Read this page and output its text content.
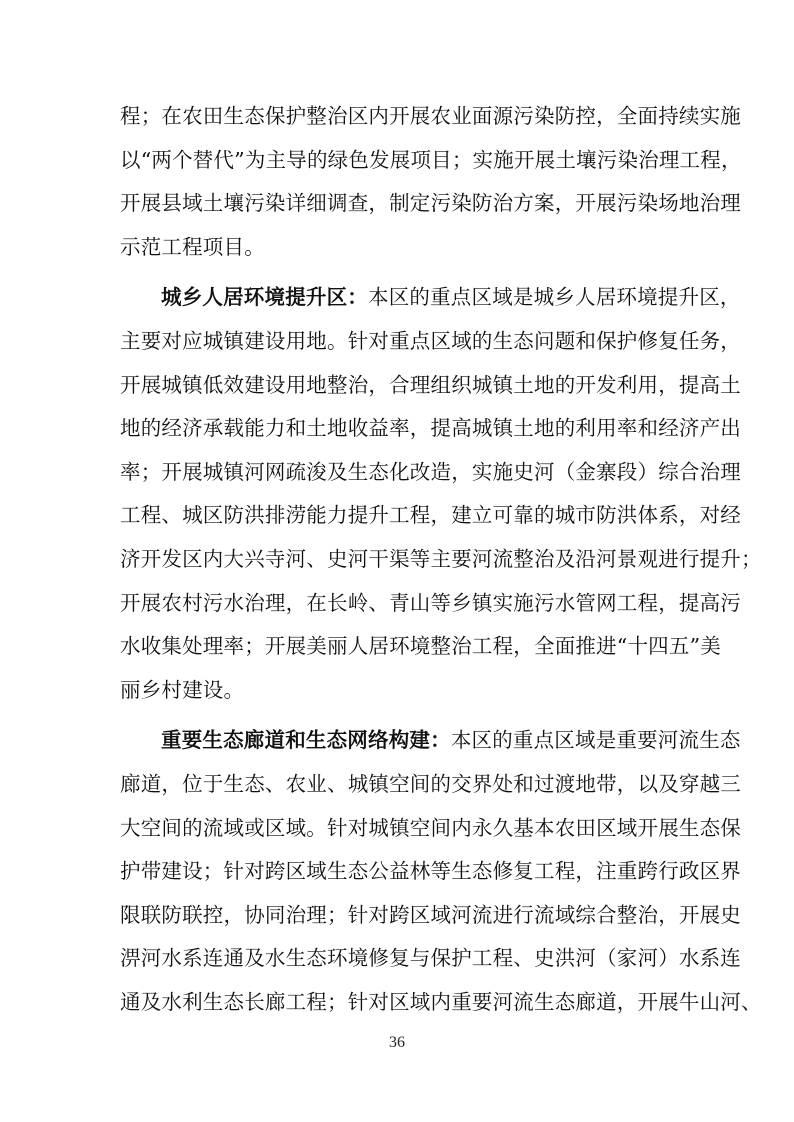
程；在农田生态保护整治区内开展农业面源污染防控，全面持续实施
以“两个替代”为主导的绿色发展项目；实施开展土壤污染治理工程，
开展县域土壤污染详细调查，制定污染防治方案，开展污染场地治理
示范工程项目。
城乡人居环境提升区：本区的重点区域是城乡人居环境提升区，
主要对应城镇建设用地。针对重点区域的生态问题和保护修复任务，
开展城镇低效建设用地整治，合理组织城镇土地的开发利用，提高土
地的经济承载能力和土地收益率，提高城镇土地的利用率和经济产出
率；开展城镇河网疏浚及生态化改造，实施史河（金寨段）综合治理
工程、城区防洪排涝能力提升工程，建立可靠的城市防洪体系，对经
济开发区内大兴寺河、史河干渠等主要河流整治及沿河景观进行提升；
开展农村污水治理，在长岭、青山等乡镇实施污水管网工程，提高污
水收集处理率；开展美丽人居环境整治工程，全面推进“十四五”美
丽乡村建设。
重要生态廊道和生态网络构建：本区的重点区域是重要河流生态
廊道，位于生态、农业、城镇空间的交界处和过渡地带，以及穿越三
大空间的流域或区域。针对城镇空间内永久基本农田区域开展生态保
护带建设；针对跨区域生态公益林等生态修复工程，注重跨行政区界
限联防联控，协同治理；针对跨区域河流进行流域综合整治，开展史
淠河水系连通及水生态环境修复与保护工程、史洪河（家河）水系连
通及水利生态长廊工程；针对区域内重要河流生态廊道，开展牛山河、
36
